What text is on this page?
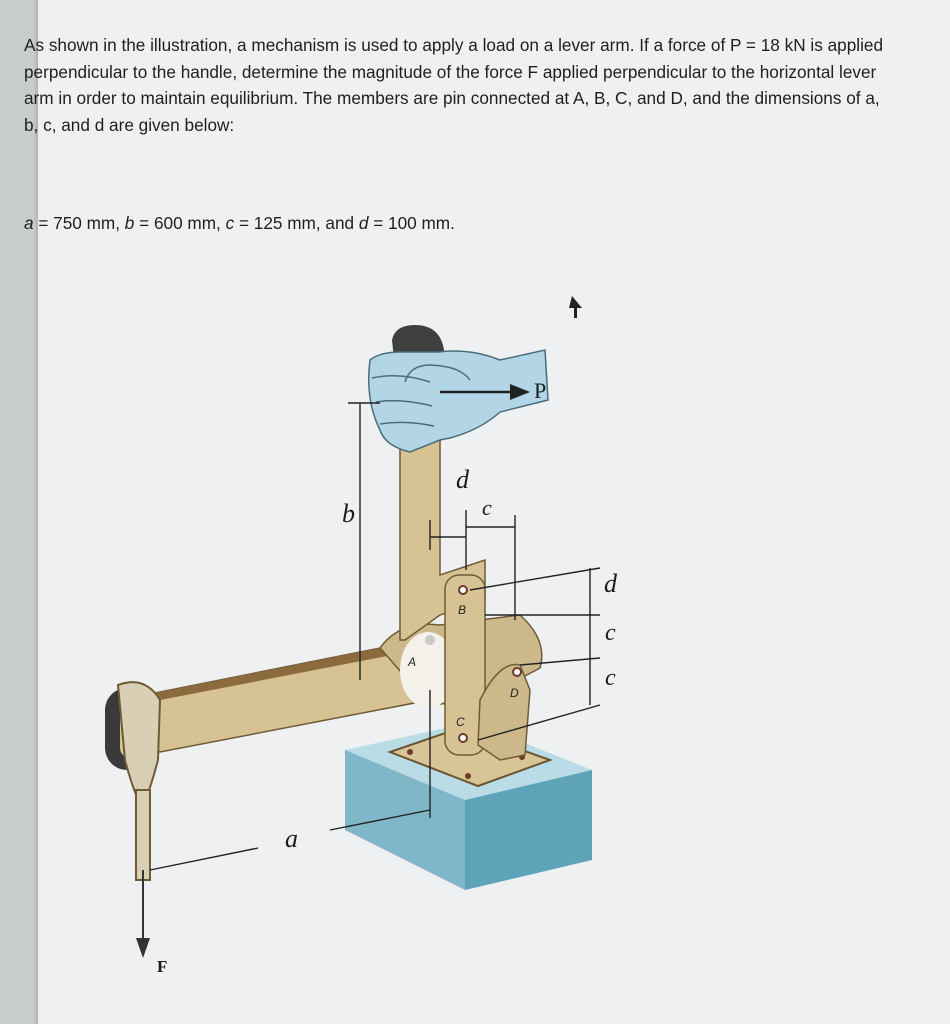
As shown in the illustration, a mechanism is used to apply a load on a lever arm. If a force of P = 18 kN is applied perpendicular to the handle, determine the magnitude of the force F applied perpendicular to the horizontal lever arm in order to maintain equilibrium. The members are pin connected at A, B, C, and D, and the dimensions of a, b, c, and d are given below:
a = 750 mm, b = 600 mm, c = 125 mm, and d = 100 mm.
P
F
a
b
d
c
d
c
c
A
B
C
D
